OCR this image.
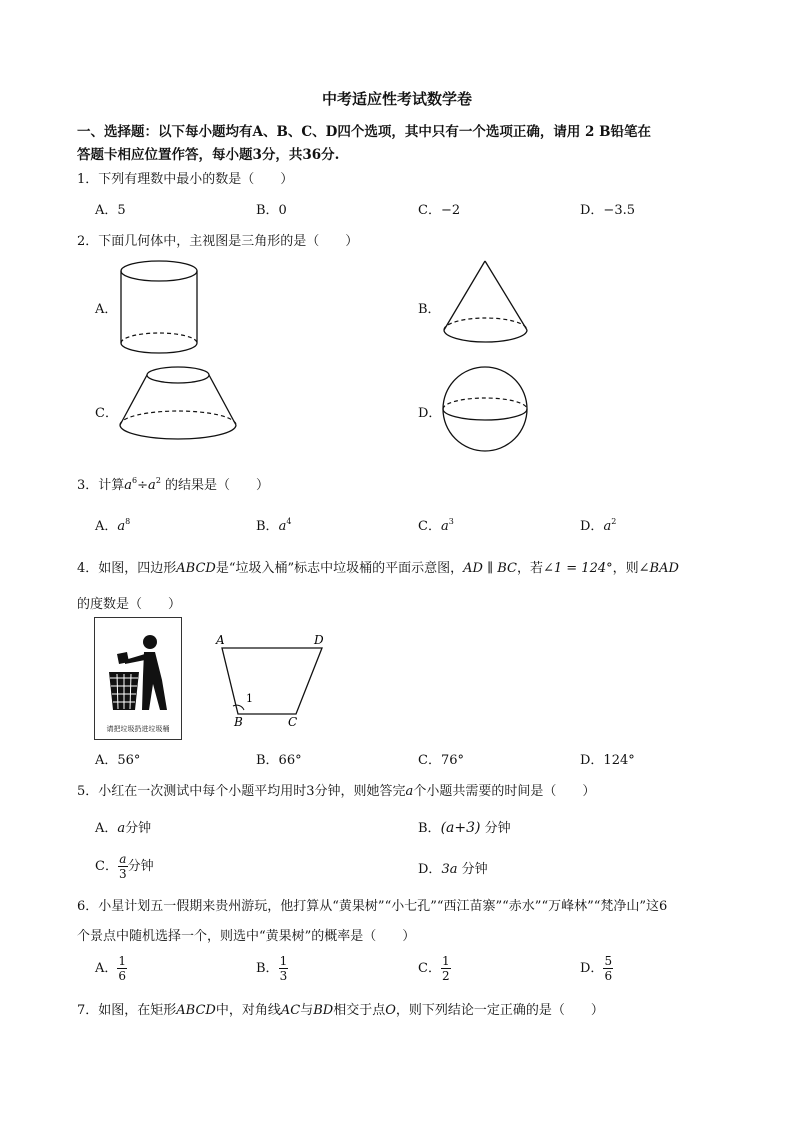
中考适应性考试数学卷
一、选择题：以下每小题均有A、B、C、D四个选项，其中只有一个选项正确，请用 2 B铅笔在
答题卡相应位置作答，每小题3分，共36分.
1．下列有理数中最小的数是（　　）
A．5	B．0	C．−2	D．−3.5
2．下面几何体中，主视图是三角形的是（　　）
A．	B．
C．	D．
3．计算$a^6\div a^2$ 的结果是（　　）
A．$a^8$	B．$a^4$	C．$a^3$	D．$a^2$
4．如图，四边形ABCD是“垃圾入桶”标志中垃圾桶的平面示意图，AD ∥ BC，若∠1 = 124°，则∠BAD
的度数是（　　）
请把垃圾扔进垃圾桶
A	D
B	C
1
A．56°	B．66°	C．76°	D．124°
5．小红在一次测试中每个小题平均用时3分钟，则她答完a个小题共需要的时间是（　　）
A．a分钟	B．(a+3) 分钟
C． $\frac{a}{3}$ 分钟	D．3a 分钟
6．小星计划五一假期来贵州游玩，他打算从“黄果树”“小七孔”“西江苗寨”“赤水”“万峰林”“梵净山”这6
个景点中随机选择一个，则选中“黄果树”的概率是（　　）
A． $\frac{1}{6}$	B． $\frac{1}{3}$	C． $\frac{1}{2}$	D． $\frac{5}{6}$
7．如图，在矩形ABCD中，对角线AC与BD相交于点O，则下列结论一定正确的是（　　）
